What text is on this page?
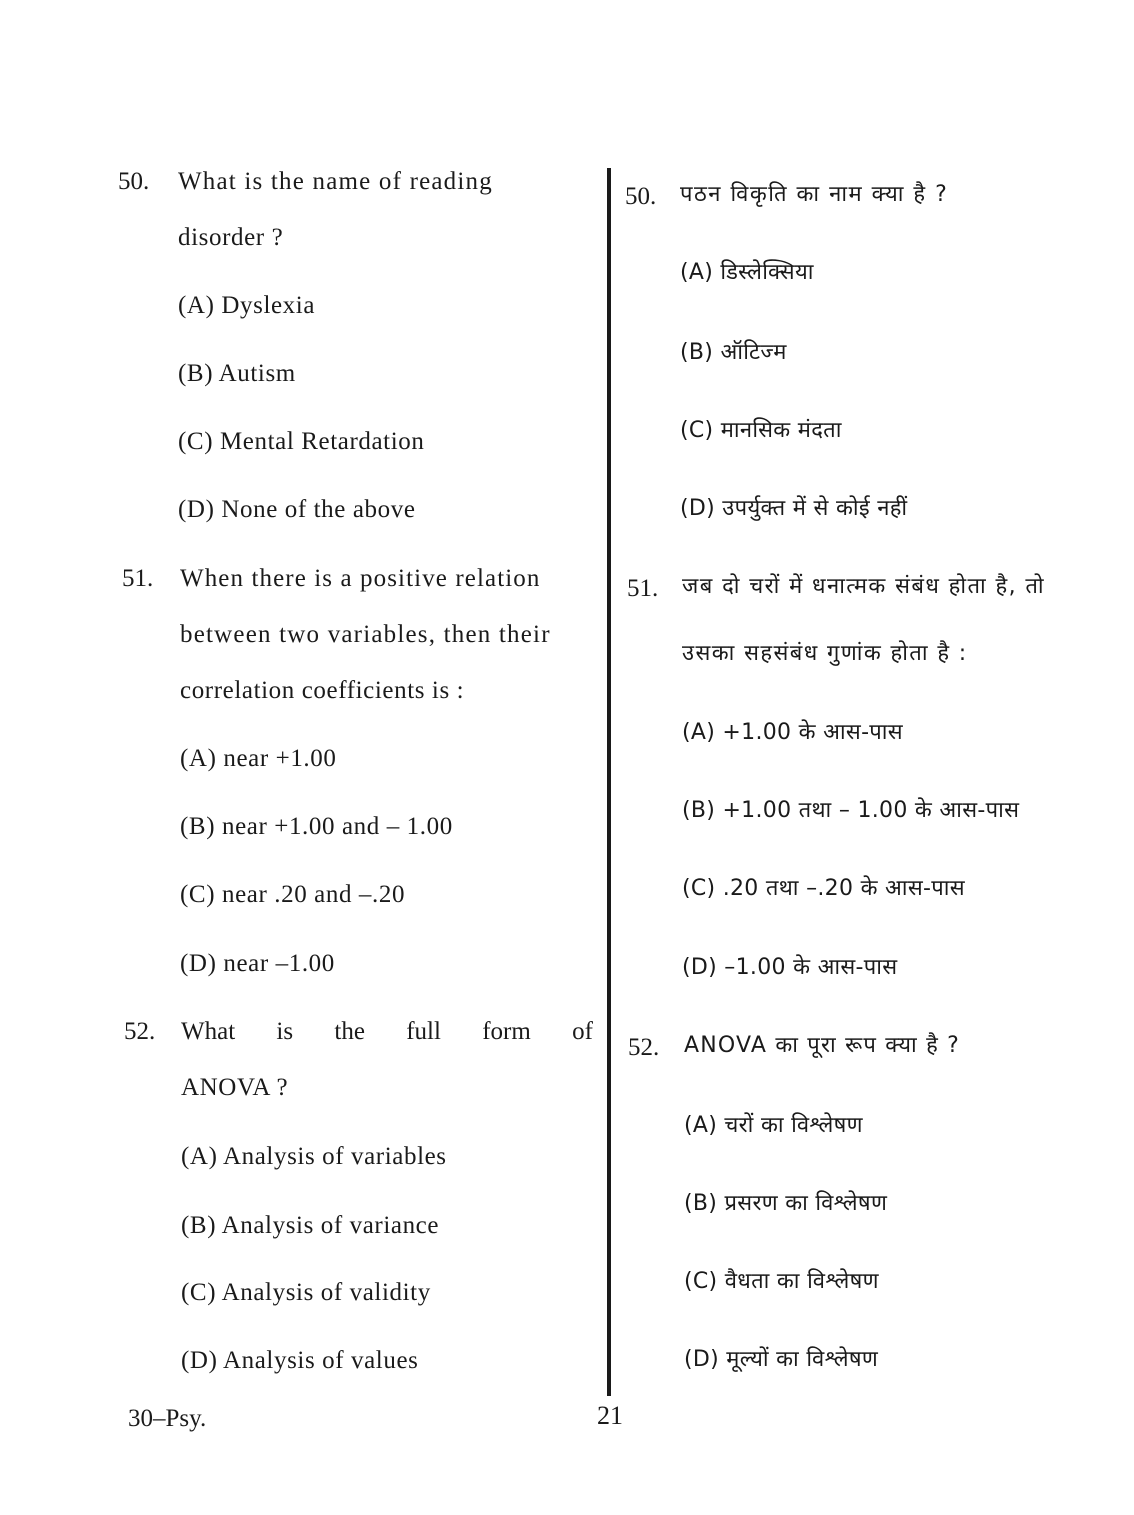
50. What is the name of reading
disorder ?
(A) Dyslexia
(B) Autism
(C) Mental Retardation
(D) None of the above
51. When there is a positive relation
between two variables, then their
correlation coefficients is :
(A) near +1.00
(B) near +1.00 and – 1.00
(C) near .20 and –.20
(D) near –1.00
52. What is the full form of
ANOVA ?
(A) Analysis of variables
(B) Analysis of variance
(C) Analysis of validity
(D) Analysis of values
50. पठन विकृति का नाम क्या है ?
(A) डिस्लेक्सिया
(B) ऑटिज्म
(C) मानसिक मंदता
(D) उपर्युक्त में से कोई नहीं
51. जब दो चरों में धनात्मक संबंध होता है, तो
उसका सहसंबंध गुणांक होता है :
(A) +1.00 के आस-पास
(B) +1.00 तथा – 1.00 के आस-पास
(C) .20 तथा –.20 के आस-पास
(D) –1.00 के आस-पास
52. ANOVA का पूरा रूप क्या है ?
(A) चरों का विश्लेषण
(B) प्रसरण का विश्लेषण
(C) वैधता का विश्लेषण
(D) मूल्यों का विश्लेषण
30–Psy.	21
